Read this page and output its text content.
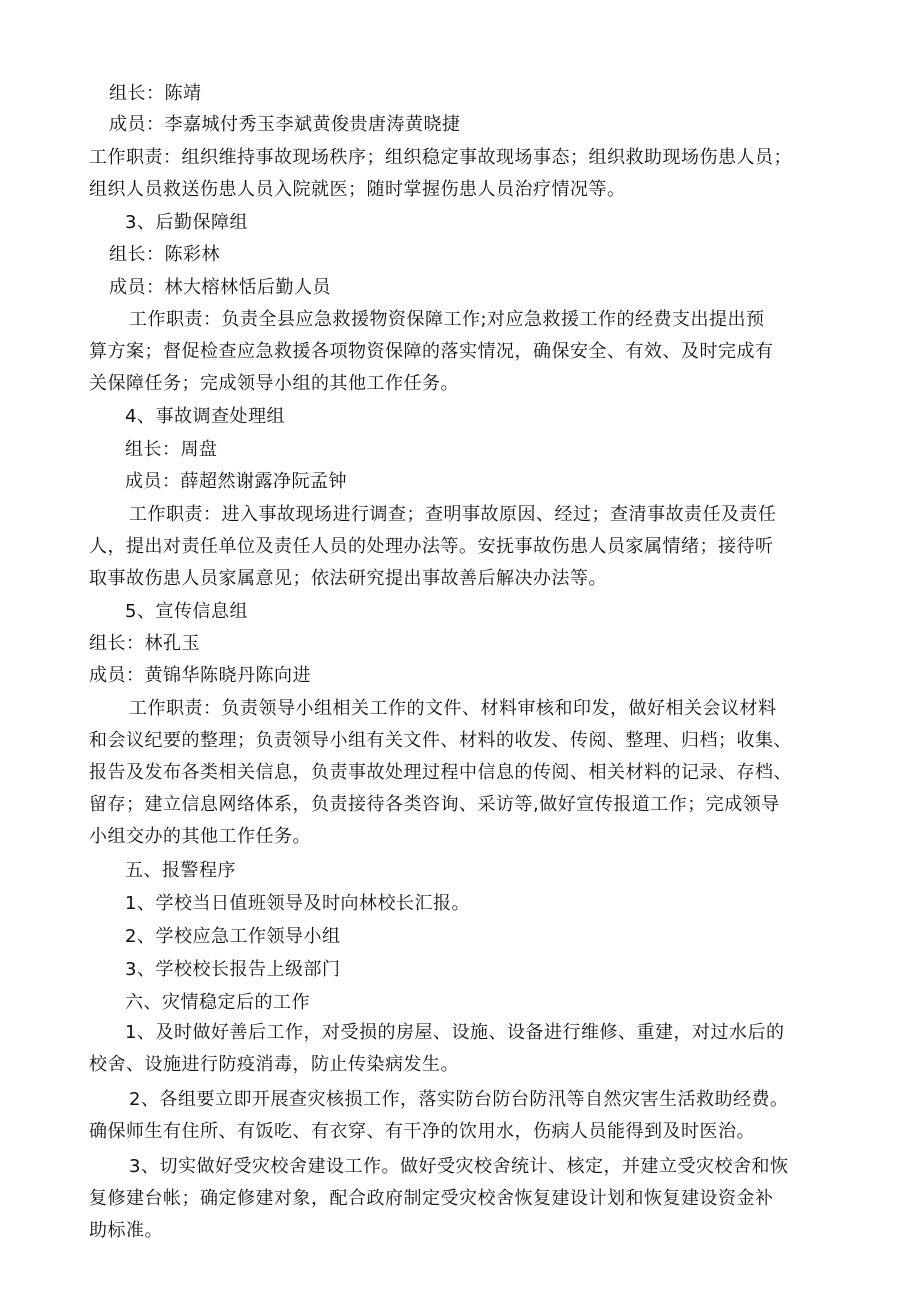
组长：陈靖
成员：李嘉城付秀玉李斌黄俊贵唐涛黄晓捷
工作职责：组织维持事故现场秩序；组织稳定事故现场事态；组织救助现场伤患人员；
组织人员救送伤患人员入院就医；随时掌握伤患人员治疗情况等。
3、后勤保障组
组长：陈彩林
成员：林大榕林恬后勤人员
工作职责：负责全县应急救援物资保障工作;对应急救援工作的经费支出提出预
算方案；督促检查应急救援各项物资保障的落实情况，确保安全、有效、及时完成有
关保障任务；完成领导小组的其他工作任务。
4、事故调查处理组
组长：周盘
成员：薛超然谢露净阮孟钟
工作职责：进入事故现场进行调查；查明事故原因、经过；查清事故责任及责任
人，提出对责任单位及责任人员的处理办法等。安抚事故伤患人员家属情绪；接待听
取事故伤患人员家属意见；依法研究提出事故善后解决办法等。
5、宣传信息组
组长：林孔玉
成员：黄锦华陈晓丹陈向进
工作职责：负责领导小组相关工作的文件、材料审核和印发，做好相关会议材料
和会议纪要的整理；负责领导小组有关文件、材料的收发、传阅、整理、归档；收集、
报告及发布各类相关信息，负责事故处理过程中信息的传阅、相关材料的记录、存档、
留存；建立信息网络体系，负责接待各类咨询、采访等,做好宣传报道工作；完成领导
小组交办的其他工作任务。
五、报警程序
1、学校当日值班领导及时向林校长汇报。
2、学校应急工作领导小组
3、学校校长报告上级部门
六、灾情稳定后的工作
1、及时做好善后工作，对受损的房屋、设施、设备进行维修、重建，对过水后的
校舍、设施进行防疫消毒，防止传染病发生。
2、各组要立即开展查灾核损工作，落实防台防台防汛等自然灾害生活救助经费。
确保师生有住所、有饭吃、有衣穿、有干净的饮用水，伤病人员能得到及时医治。
3、切实做好受灾校舍建设工作。做好受灾校舍统计、核定，并建立受灾校舍和恢
复修建台帐；确定修建对象，配合政府制定受灾校舍恢复建设计划和恢复建设资金补
助标准。
